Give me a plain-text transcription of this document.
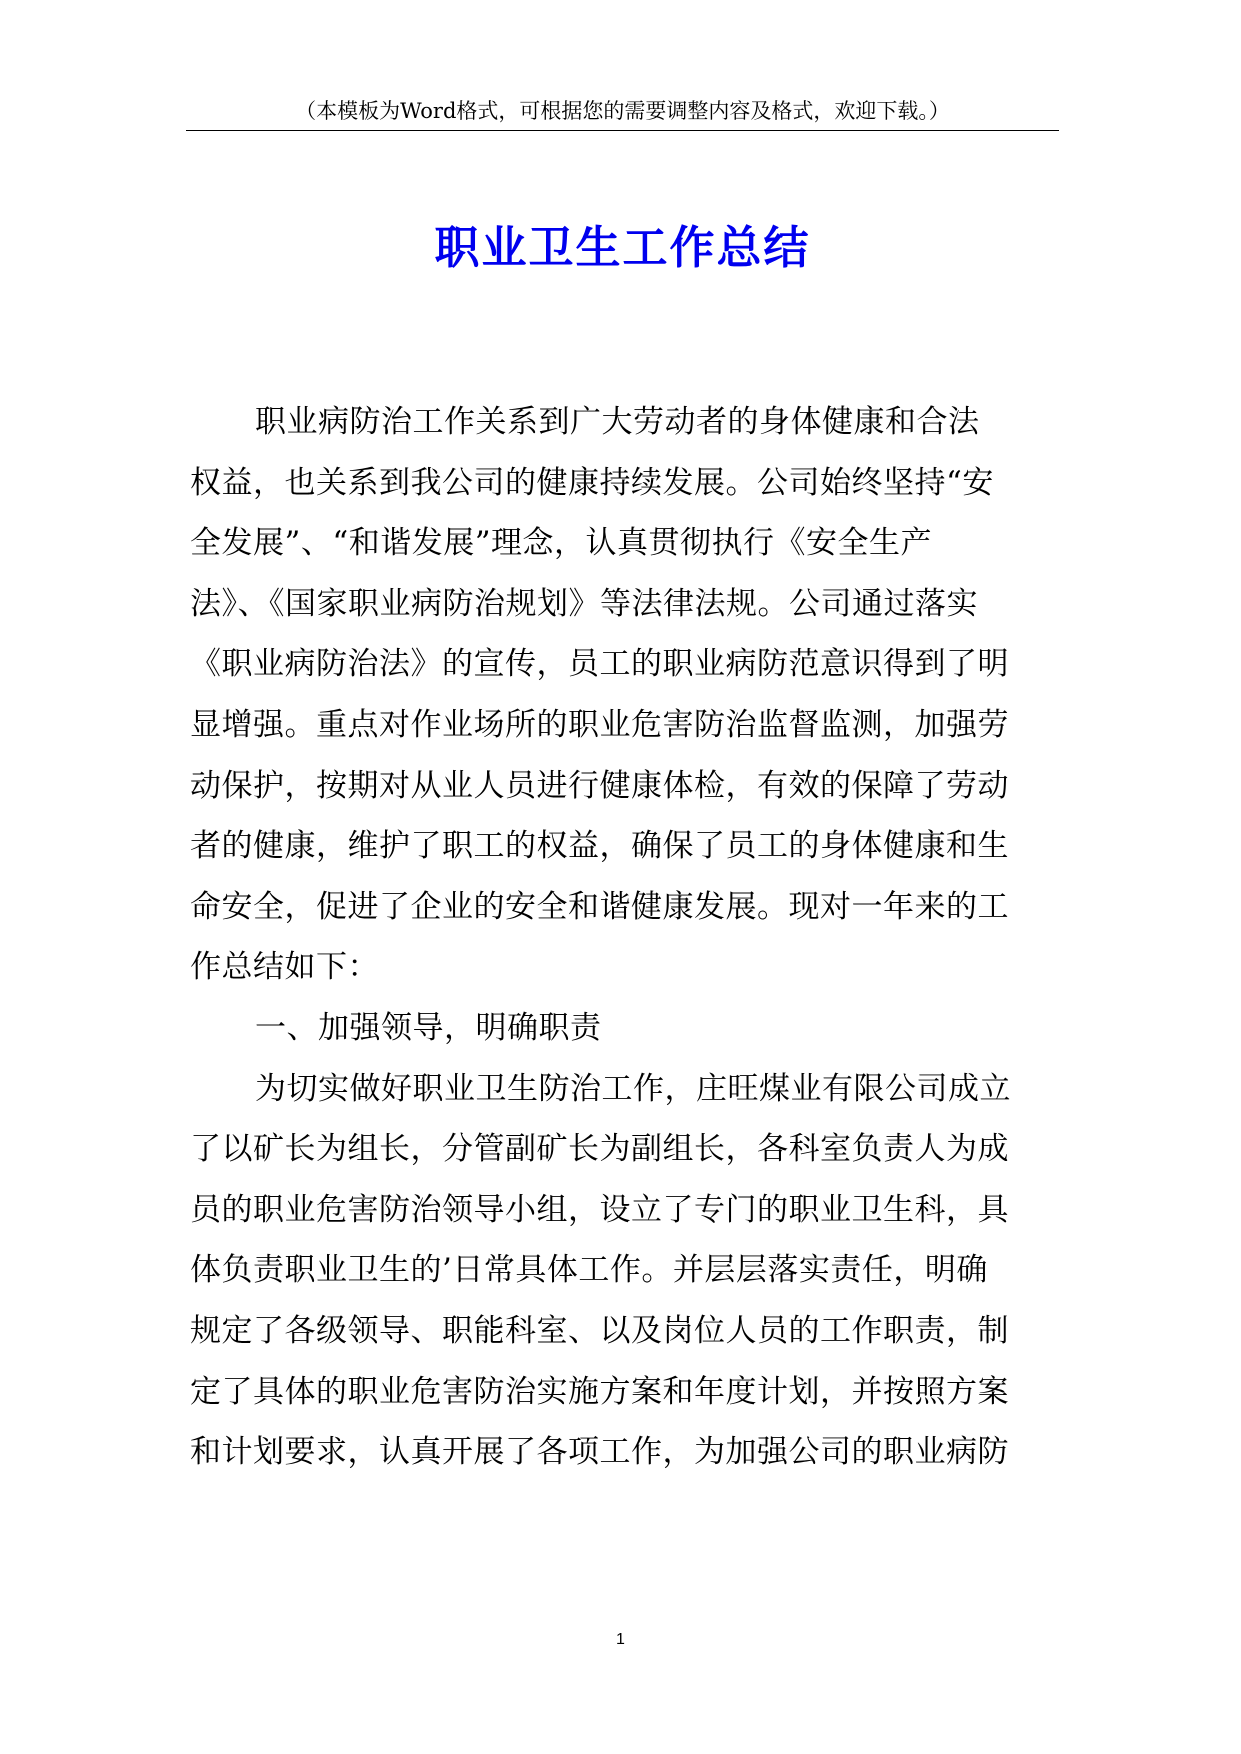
（本模板为Word格式，可根据您的需要调整内容及格式，欢迎下载。）
职业卫生工作总结
职业病防治工作关系到广大劳动者的身体健康和合法
权益，也关系到我公司的健康持续发展。公司始终坚持“安
全发展”、“和谐发展”理念，认真贯彻执行《安全生产
法》、《国家职业病防治规划》等法律法规。公司通过落实
《职业病防治法》的宣传，员工的职业病防范意识得到了明
显增强。重点对作业场所的职业危害防治监督监测，加强劳
动保护，按期对从业人员进行健康体检，有效的保障了劳动
者的健康，维护了职工的权益，确保了员工的身体健康和生
命安全，促进了企业的安全和谐健康发展。现对一年来的工
作总结如下：
一、加强领导，明确职责
为切实做好职业卫生防治工作，庄旺煤业有限公司成立
了以矿长为组长，分管副矿长为副组长，各科室负责人为成
员的职业危害防治领导小组，设立了专门的职业卫生科，具
体负责职业卫生的’日常具体工作。并层层落实责任，明确
规定了各级领导、职能科室、以及岗位人员的工作职责，制
定了具体的职业危害防治实施方案和年度计划，并按照方案
和计划要求，认真开展了各项工作，为加强公司的职业病防
1
